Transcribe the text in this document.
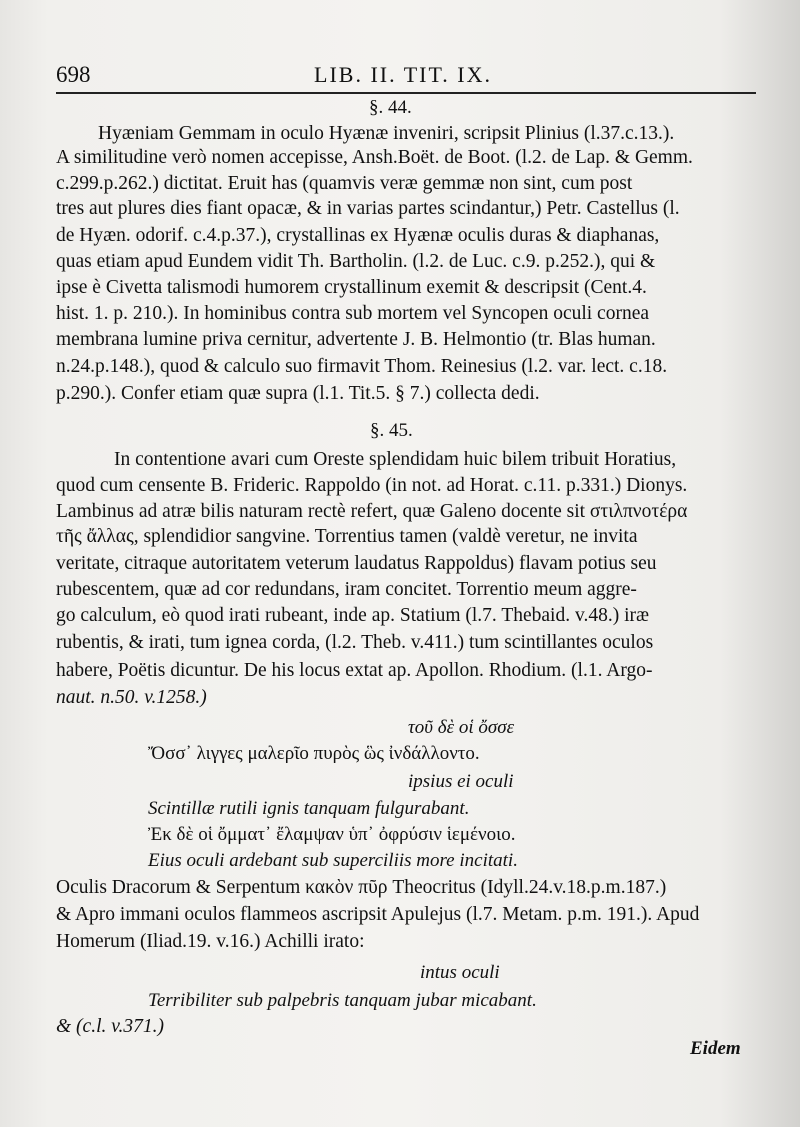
698	LIB. II. TIT. IX.
§. 44.
Hyæniam Gemmam in oculo Hyænæ inveniri, scripsit Plinius (l.37.c.13.).
A similitudine verò nomen accepisse, Ansh.Boët. de Boot. (l.2. de Lap. & Gemm.
c.299.p.262.) dictitat. Eruit has (quamvis veræ gemmæ non sint, cum post
tres aut plures dies fiant opacæ, & in varias partes scindantur,) Petr. Castellus (l.
de Hyæn. odorif. c.4.p.37.), crystallinas ex Hyænæ oculis duras & diaphanas,
quas etiam apud Eundem vidit Th. Bartholin. (l.2. de Luc. c.9. p.252.), qui &
ipse è Civetta talismodi humorem crystallinum exemit & descripsit (Cent.4.
hist. 1. p. 210.). In hominibus contra sub mortem vel Syncopen oculi cornea
membrana lumine priva cernitur, advertente J. B. Helmontio (tr. Blas human.
n.24.p.148.), quod & calculo suo firmavit Thom. Reinesius (l.2. var. lect. c.18.
p.290.). Confer etiam quæ supra (l.1. Tit.5. § 7.) collecta dedi.
§. 45.
In contentione avari cum Oreste splendidam huic bilem tribuit Horatius,
quod cum censente B. Frideric. Rappoldo (in not. ad Horat. c.11. p.331.) Dionys.
Lambinus ad atræ bilis naturam rectè refert, quæ Galeno docente sit στιλπνοτέρα
τῆς ἄλλας, splendidior sangvine. Torrentius tamen (valdè veretur, ne invita
veritate, citraque autoritatem veterum laudatus Rappoldus) flavam potius seu
rubescentem, quæ ad cor redundans, iram concitet. Torrentio meum aggre-
go calculum, eò quod irati rubeant, inde ap. Statium (l.7. Thebaid. v.48.) iræ
rubentis, & irati, tum ignea corda, (l.2. Theb. v.411.) tum scintillantes oculos
habere, Poëtis dicuntur. De his locus extat ap. Apollon. Rhodium. (l.1. Argo-
naut. n.50. v.1258.)
τοῦ δὲ οἱ ὄσσε
Ὄσσ᾽ λιγγες μαλερῖο πυρὸς ὣς ἰνδάλλοντο.
ipsius ei oculi
Scintillæ rutili ignis tanquam fulgurabant.
Ἐκ δὲ οἱ ὄμματ᾽ ἔλαμψαν ὑπ᾽ ὀφρύσιν ἱεμένοιο.
Eius oculi ardebant sub superciliis more incitati.
Oculis Dracorum & Serpentum κακὸν πῦρ Theocritus (Idyll.24.v.18.p.m.187.)
& Apro immani oculos flammeos ascripsit Apulejus (l.7. Metam. p.m. 191.). Apud
Homerum (Iliad.19. v.16.) Achilli irato:
intus oculi
Terribiliter sub palpebris tanquam jubar micabant.
& (c.l. v.371.)
Eidem
